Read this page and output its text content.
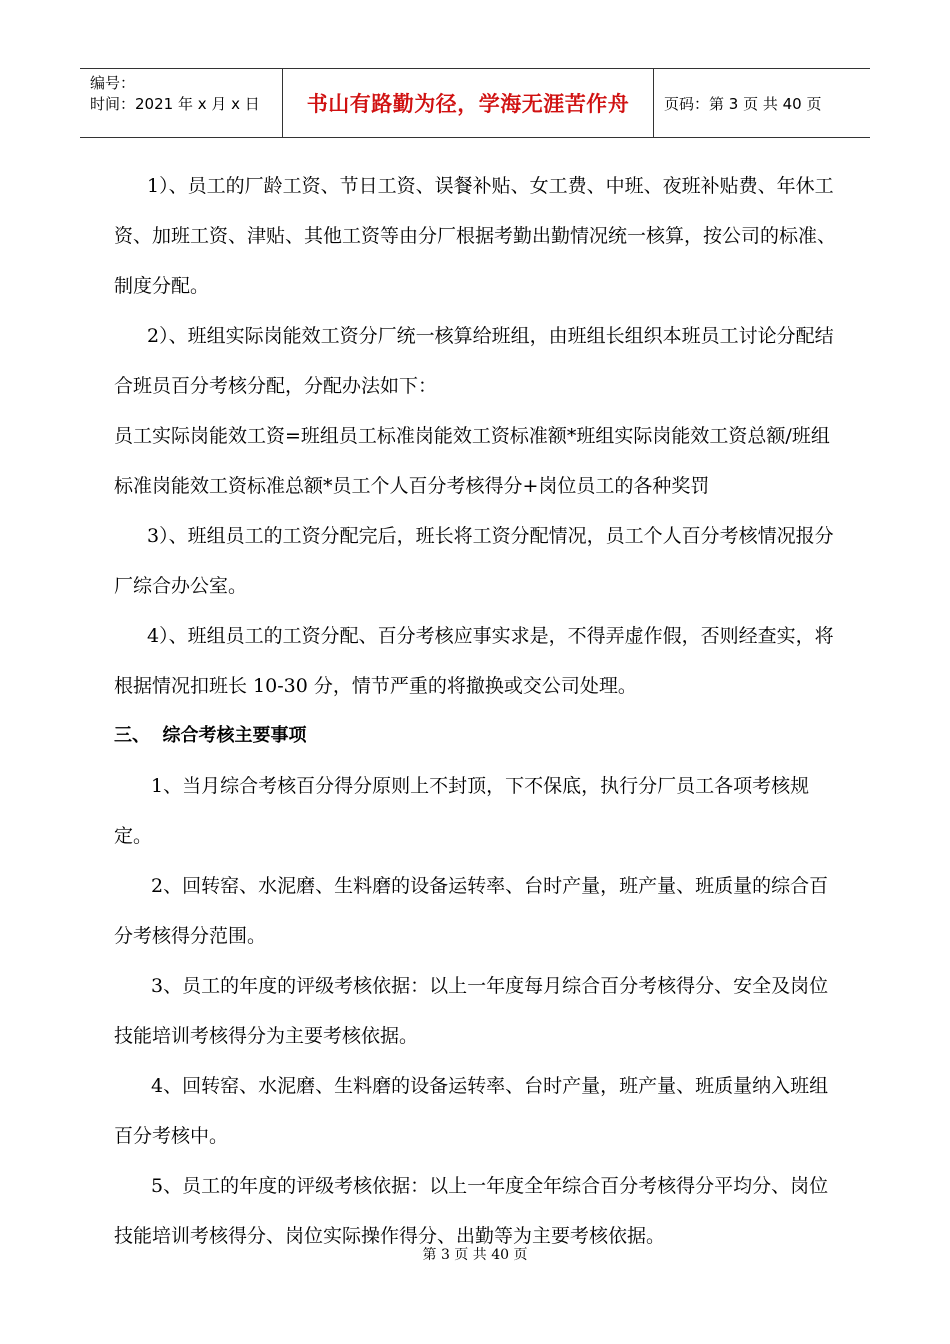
编号：
时间：2021 年 x 月 x 日	书山有路勤为径，学海无涯苦作舟	页码：第 3 页 共 40 页

1）、员工的厂龄工资、节日工资、误餐补贴、女工费、中班、夜班补贴费、年休工资、加班工资、津贴、其他工资等由分厂根据考勤出勤情况统一核算，按公司的标准、制度分配。

2）、班组实际岗能效工资分厂统一核算给班组，由班组长组织本班员工讨论分配结合班员百分考核分配，分配办法如下：

员工实际岗能效工资=班组员工标准岗能效工资标准额*班组实际岗能效工资总额/班组标准岗能效工资标准总额*员工个人百分考核得分+岗位员工的各种奖罚

3）、班组员工的工资分配完后，班长将工资分配情况，员工个人百分考核情况报分厂综合办公室。

4）、班组员工的工资分配、百分考核应事实求是，不得弄虚作假，否则经查实，将根据情况扣班长 10-30 分，情节严重的将撤换或交公司处理。

三、  综合考核主要事项

1、当月综合考核百分得分原则上不封顶，下不保底，执行分厂员工各项考核规定。

2、回转窑、水泥磨、生料磨的设备运转率、台时产量，班产量、班质量的综合百分考核得分范围。

3、员工的年度的评级考核依据：以上一年度每月综合百分考核得分、安全及岗位技能培训考核得分为主要考核依据。

4、回转窑、水泥磨、生料磨的设备运转率、台时产量，班产量、班质量纳入班组百分考核中。

5、员工的年度的评级考核依据：以上一年度全年综合百分考核得分平均分、岗位技能培训考核得分、岗位实际操作得分、出勤等为主要考核依据。

第 3 页 共 40 页
